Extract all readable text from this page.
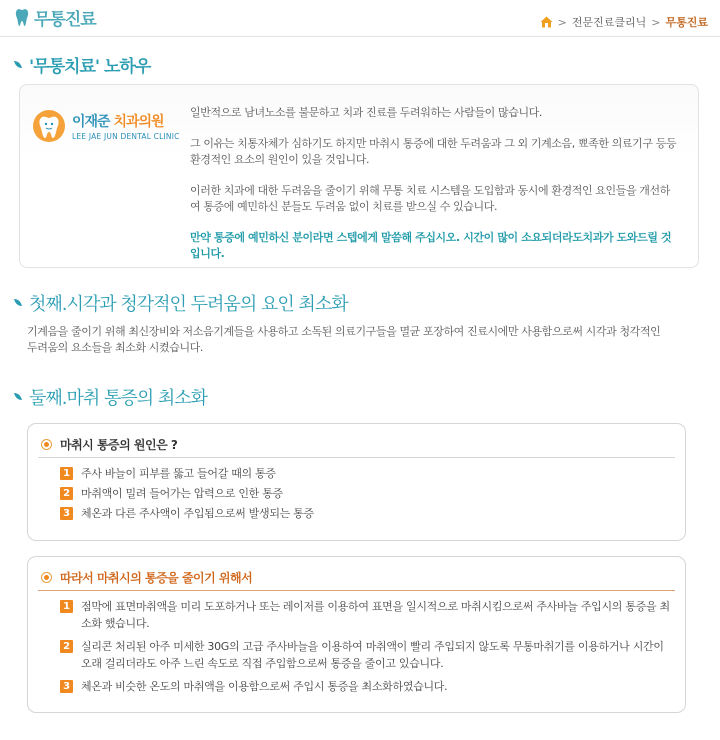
무통진료	> 전문진료클리닉 > 무통진료
'무통치료' 노하우
이재준 치과의원
LEE JAE JUN DENTAL CLINIC

일반적으로 남녀노소를 불문하고 치과 진료를 두려워하는 사람들이 많습니다.

그 이유는 치통자체가 심하기도 하지만 마취시 통증에 대한 두려움과 그 외 기계소음, 뾰족한 의료기구 등등 환경적인 요소의 원인이 있을 것입니다.

이러한 치과에 대한 두려움을 줄이기 위해 무통 치료 시스템을 도입함과 동시에 환경적인 요인들을 개선하여 통증에 예민하신 분들도 두려움 없이 치료를 받으실 수 있습니다.

만약 통증에 예민하신 분이라면 스텝에게 말씀해 주십시오. 시간이 많이 소요되더라도치과가 도와드릴 것입니다.

첫째.시각과 청각적인 두려움의 요인 최소화
기계음을 줄이기 위해 최신장비와 저소음기계들을 사용하고 소독된 의료기구들을 멸균 포장하여 진료시에만 사용함으로써 시각과 청각적인 두려움의 요소들을 최소화 시켰습니다.
둘째.마취 통증의 최소화
마취시 통증의 원인은 ?
1 주사 바늘이 피부를 뚫고 들어갈 때의 통증
2 마취액이 밀려 들어가는 압력으로 인한 통증
3 체온과 다른 주사액이 주입됨으로써 발생되는 통증
따라서 마취시의 통증을 줄이기 위해서
1 점막에 표면마취액을 미리 도포하거나 또는 레이저를 이용하여 표면을 일시적으로 마취시킴으로써 주사바늘 주입시의 통증을 최소화 했습니다.
2 실리콘 처리된 아주 미세한 30G의 고급 주사바늘을 이용하여 마취액이 빨리 주입되지 않도록 무통마취기를 이용하거나 시간이 오래 걸리더라도 아주 느린 속도로 직접 주입함으로써 통증을 줄이고 있습니다.
3 체온과 비슷한 온도의 마취액을 이용함으로써 주입시 통증을 최소화하였습니다.
